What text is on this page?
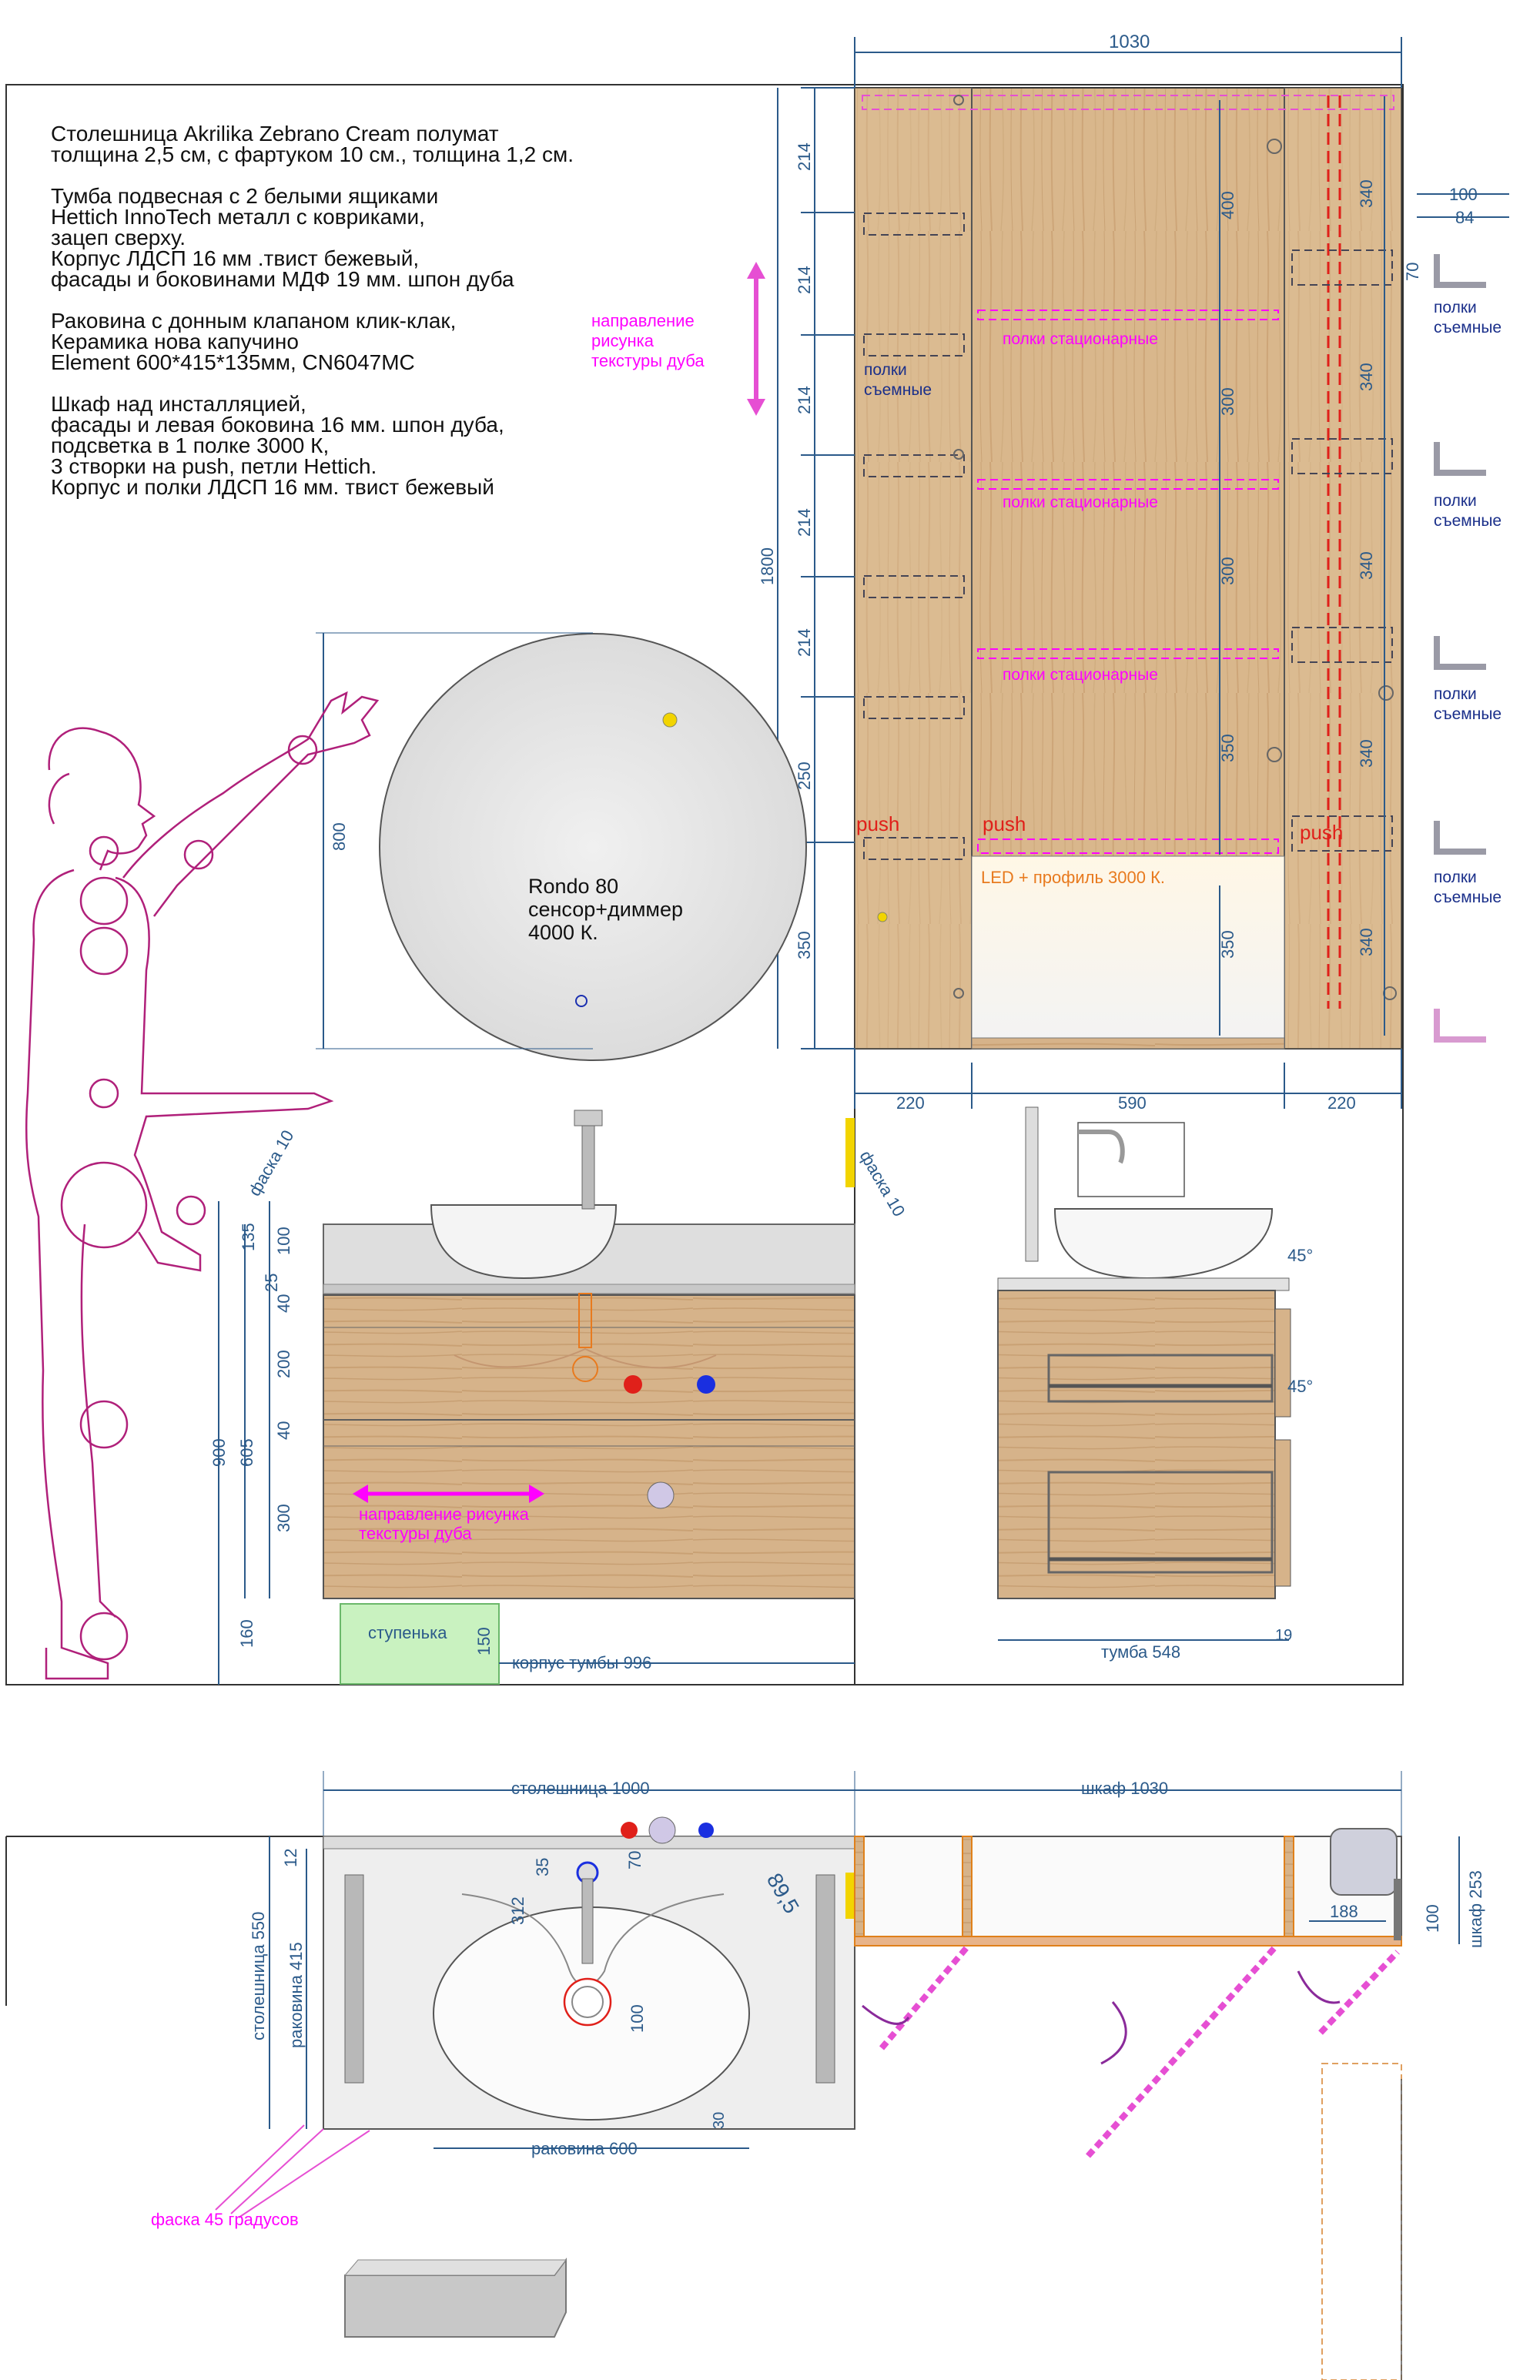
push	push	push
LED + профиль 3000 К.
полки стационарные
полки стационарные
полки стационарные
полки
съемные
1030
214
214
214
214
214
250
350
1800
400
300
300
350
350
340
340
340
340
340
220	590	220
100
84
70
полки
съемные
полки
съемные
полки
съемные
полки
съемные
направление
рисунка
текстуры дуба
Rondo 80
сенсор+диммер
4000 К.
800
направление рисунка
текстуры дуба
ступенька 150
корпус тумбы 996
100
135
25
40
200
40
300
900 605
160
фаска 10	фаска 10
45°
45°
тумба 548
19
столешница 1000	шкаф 1030
12	35	70
312
100
89,5
столешница 550 раковина 415
раковина 600
30
188	100 шкаф 253
фаска 45 градусов
Столешница Akrilika Zebrano Cream полумат
толщина 2,5 см, с фартуком 10 см., толщина 1,2 см.
Тумба подвесная с 2 белыми ящиками
Hettich InnoTech металл с ковриками,
зацеп сверху.
Корпус ЛДСП 16 мм .твист бежевый,
фасады и боковинами МДФ 19 мм. шпон дуба
Раковина с донным клапаном клик-клак,
Керамика нова капучино
Element 600*415*135мм, CN6047MC
Шкаф над инсталляцией,
фасады и левая боковина 16 мм. шпон дуба,
подсветка в 1 полке 3000 К,
3 створки на push, петли Hettich.
Корпус и полки ЛДСП 16 мм. твист бежевый
